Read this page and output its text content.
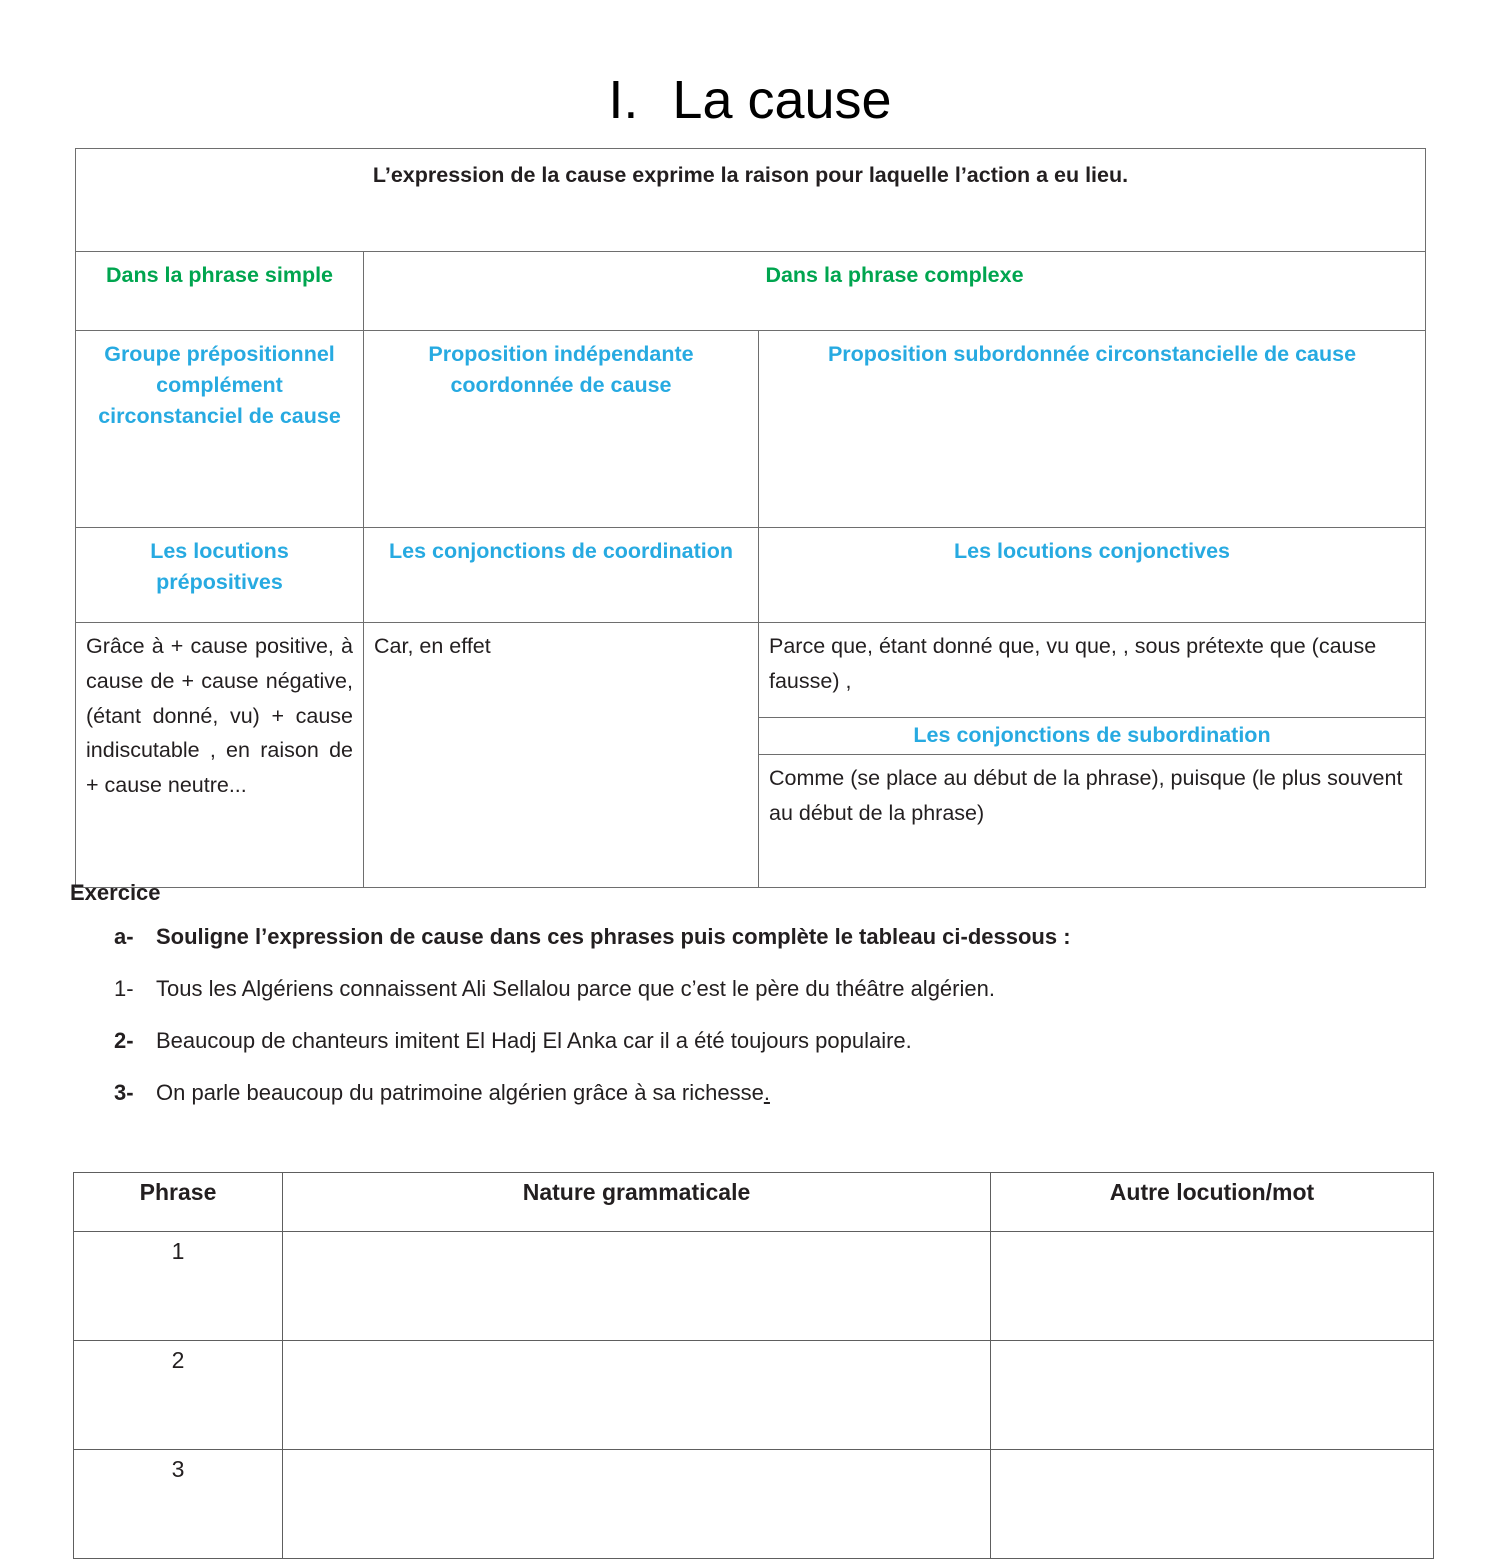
I. La cause
L’expression de la cause exprime la raison pour laquelle l’action a eu lieu.
Dans la phrase simple	Dans la phrase complexe
Groupe prépositionnel complément circonstanciel de cause	Proposition indépendante coordonnée de cause	Proposition subordonnée circonstancielle de cause
Les locutions prépositives	Les conjonctions de coordination	Les locutions conjonctives
Grâce à + cause positive, à cause de + cause négative, (étant donné, vu) + cause indiscutable , en raison de + cause neutre...	Car, en effet		Parce que, étant donné que, vu que, , sous prétexte que (cause fausse) ,
Les conjonctions de subordination
Comme (se place au début de la phrase), puisque (le plus souvent au début de la phrase)
Exercice
a- Souligne l’expression de cause dans ces phrases puis complète le tableau ci-dessous :
1- Tous les Algériens connaissent Ali Sellalou parce que c’est le père du théâtre algérien.
2- Beaucoup de chanteurs imitent El Hadj El Anka car il a été toujours populaire.
3- On parle beaucoup du patrimoine algérien grâce à sa richesse.
Phrase	Nature grammaticale	Autre locution/mot
1		
2		
3		
